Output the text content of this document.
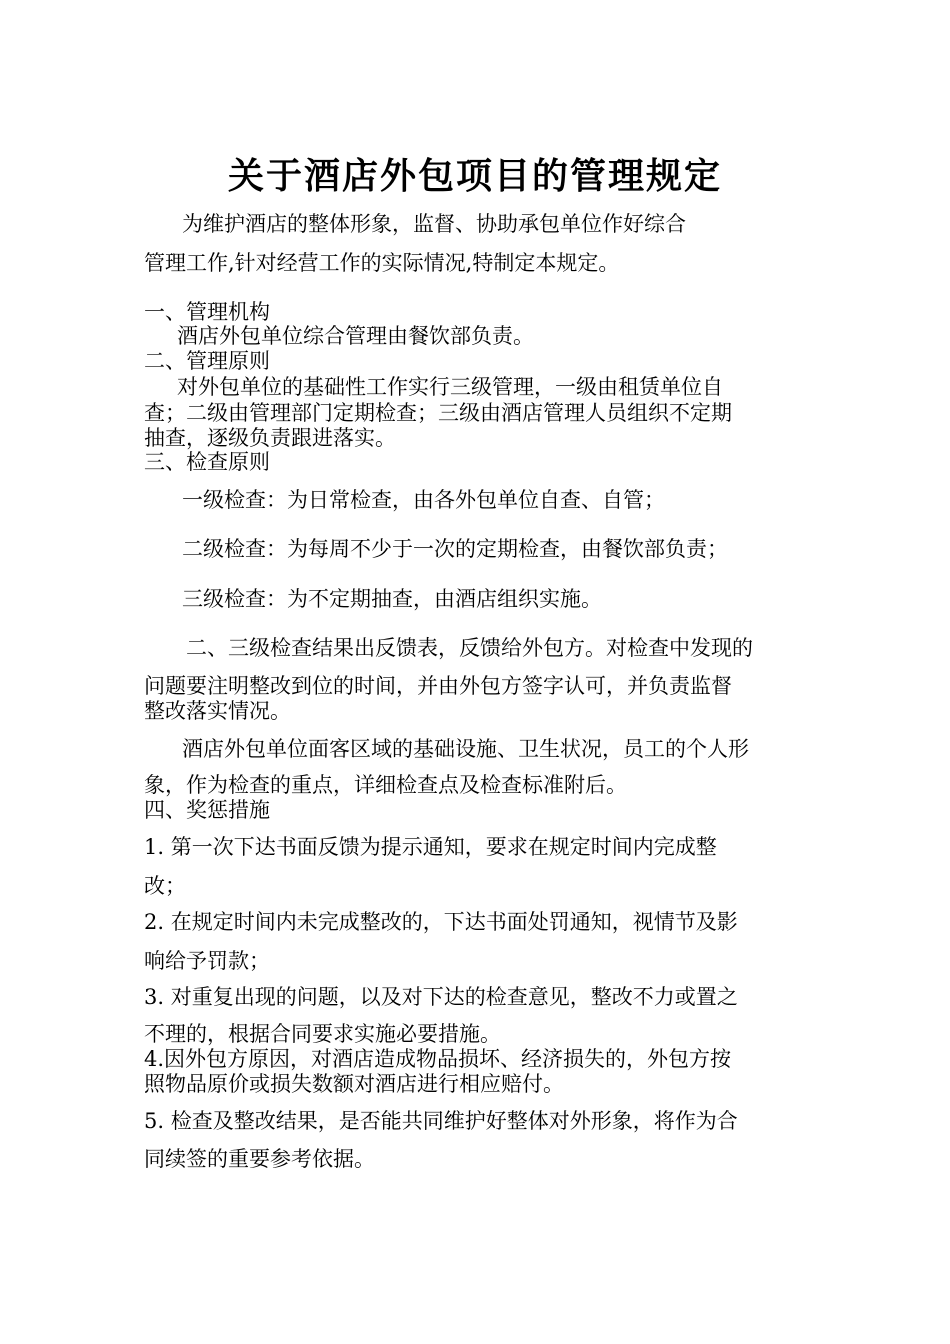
关于酒店外包项目的管理规定

为维护酒店的整体形象，监督、协助承包单位作好综合

管理工作,针对经营工作的实际情况,特制定本规定。

一、管理机构

酒店外包单位综合管理由餐饮部负责。

二、管理原则

对外包单位的基础性工作实行三级管理，一级由租赁单位自

查；二级由管理部门定期检查；三级由酒店管理人员组织不定期

抽查，逐级负责跟进落实。

三、检查原则

一级检查：为日常检查，由各外包单位自查、自管；

二级检查：为每周不少于一次的定期检查，由餐饮部负责；

三级检查：为不定期抽查，由酒店组织实施。

二、三级检查结果出反馈表，反馈给外包方。对检查中发现的

问题要注明整改到位的时间，并由外包方签字认可，并负责监督

整改落实情况。

酒店外包单位面客区域的基础设施、卫生状况，员工的个人形

象，作为检查的重点，详细检查点及检查标准附后。

四、奖惩措施

1. 第一次下达书面反馈为提示通知，要求在规定时间内完成整

改；

2. 在规定时间内未完成整改的，下达书面处罚通知，视情节及影

响给予罚款；

3. 对重复出现的问题，以及对下达的检查意见，整改不力或置之

不理的，根据合同要求实施必要措施。

4.因外包方原因，对酒店造成物品损坏、经济损失的，外包方按

照物品原价或损失数额对酒店进行相应赔付。

5. 检查及整改结果，是否能共同维护好整体对外形象，将作为合

同续签的重要参考依据。
